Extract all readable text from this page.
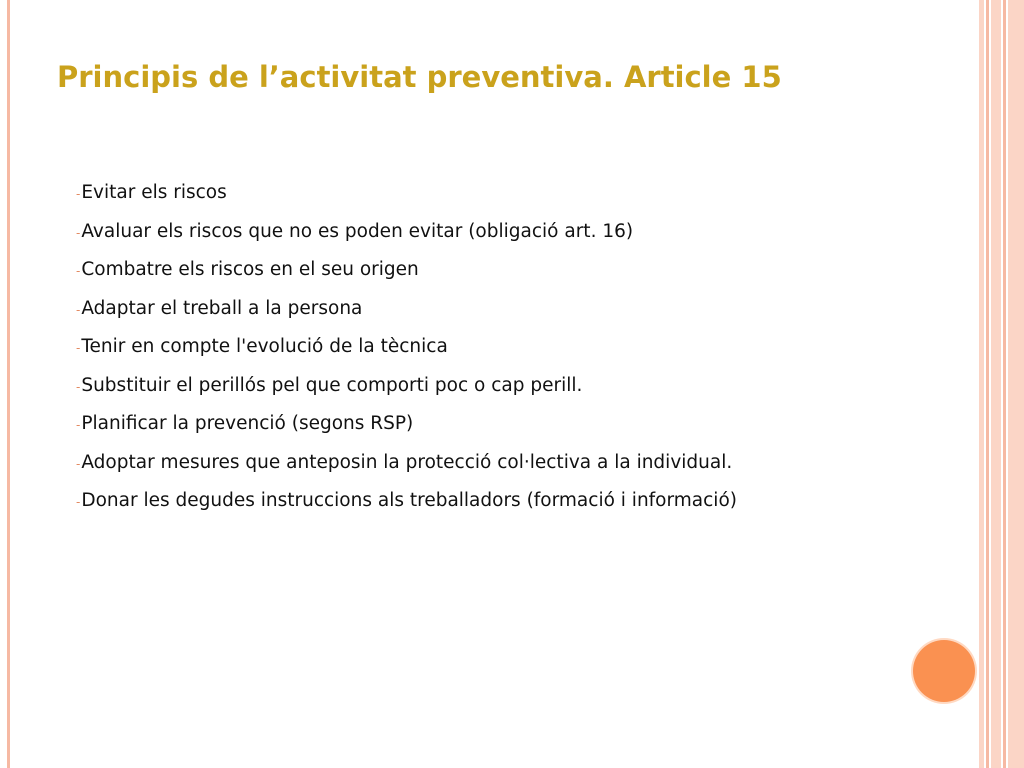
Principis de l’activitat preventiva. Article 15
-Evitar els riscos
-Avaluar els riscos que no es poden evitar (obligació art. 16)
-Combatre els riscos en el seu origen
-Adaptar el treball a la persona
-Tenir en compte l'evolució de la tècnica
-Substituir el perillós pel que comporti poc o cap perill.
-Planificar la prevenció (segons RSP)
-Adoptar mesures que anteposin la protecció col·lectiva a la individual.
-Donar les degudes instruccions als treballadors (formació i informació)
